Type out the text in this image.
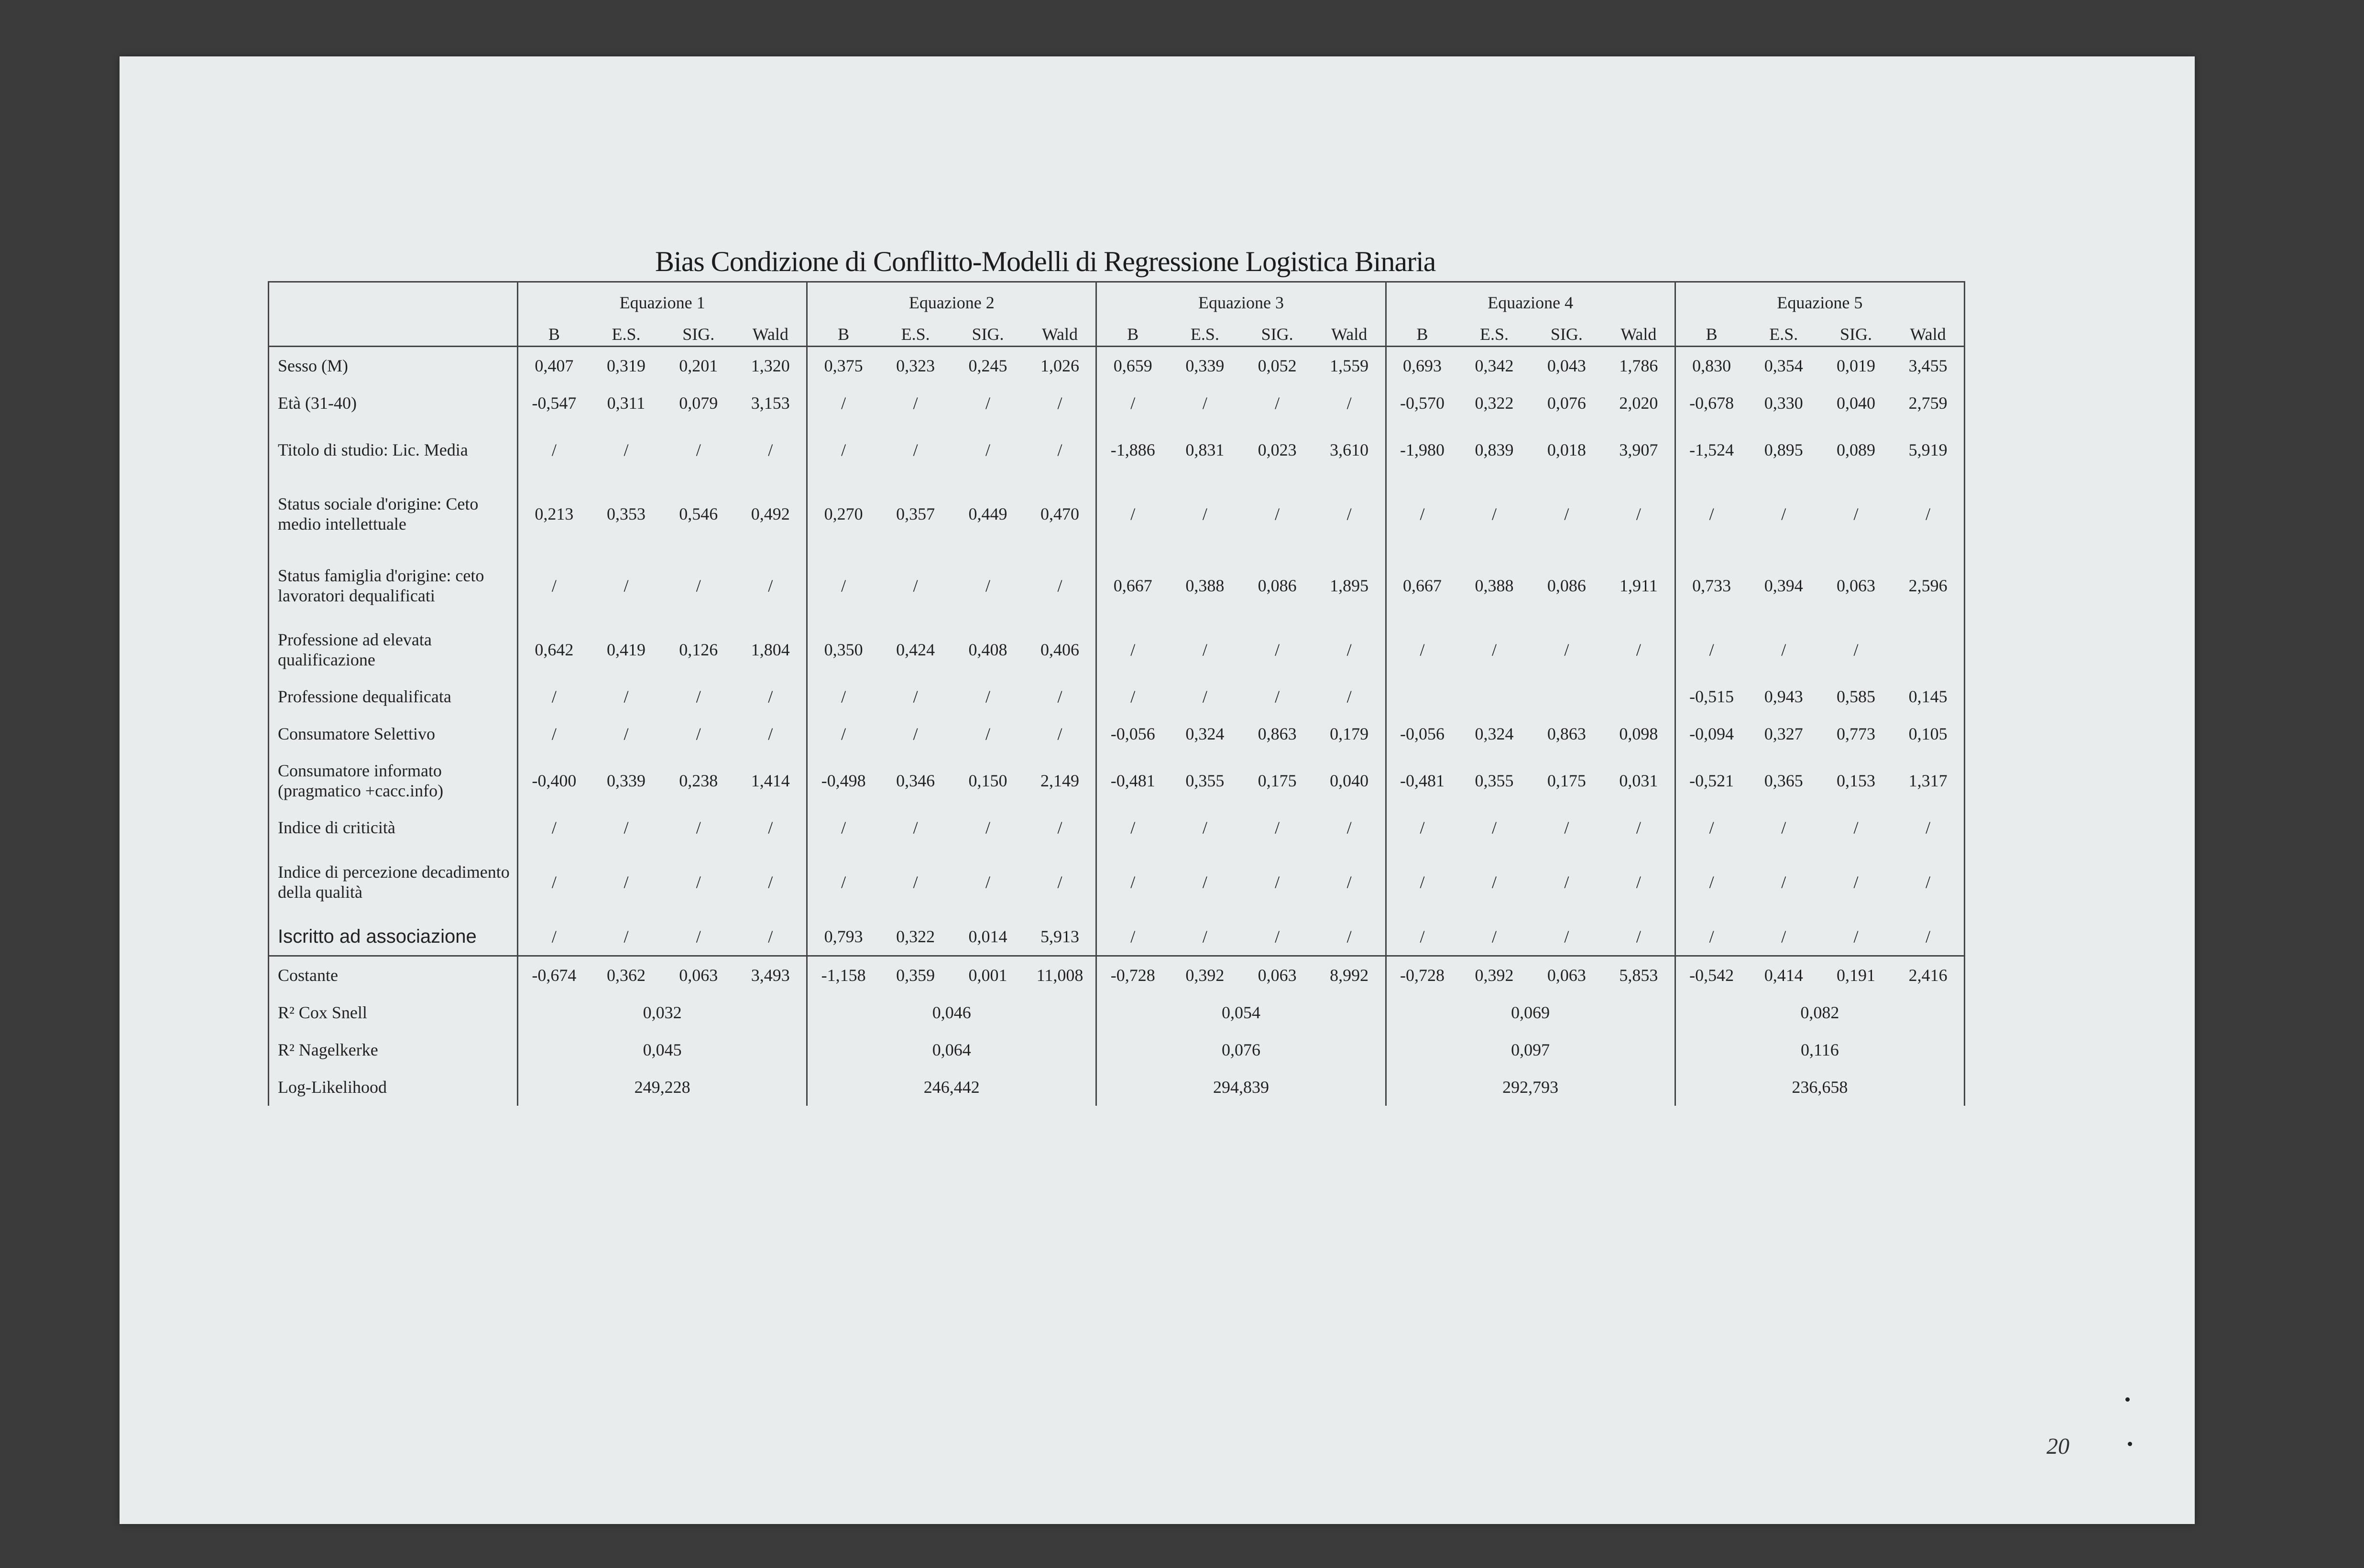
Bias Condizione di Conflitto-Modelli di Regressione Logistica Binaria
	Equazione 1				Equazione 2				Equazione 3				Equazione 4				Equazione 5			
	B	E.S.	SIG.	Wald	B	E.S.	SIG.	Wald	B	E.S.	SIG.	Wald	B	E.S.	SIG.	Wald	B	E.S.	SIG.	Wald
Sesso (M)	0,407	0,319	0,201	1,320	0,375	0,323	0,245	1,026	0,659	0,339	0,052	1,559	0,693	0,342	0,043	1,786	0,830	0,354	0,019	3,455
Età (31-40)	-0,547	0,311	0,079	3,153	/	/	/	/	/	/	/	/	-0,570	0,322	0,076	2,020	-0,678	0,330	0,040	2,759
Titolo di studio: Lic. Media	/	/	/	/	/	/	/	/	-1,886	0,831	0,023	3,610	-1,980	0,839	0,018	3,907	-1,524	0,895	0,089	5,919
Status sociale d'origine: Ceto medio intellettuale	0,213	0,353	0,546	0,492	0,270	0,357	0,449	0,470	/	/	/	/	/	/	/	/	/	/	/	/
Status famiglia d'origine: ceto lavoratori dequalificati	/	/	/	/	/	/	/	/	0,667	0,388	0,086	1,895	0,667	0,388	0,086	1,911	0,733	0,394	0,063	2,596
Professione ad elevata qualificazione	0,642	0,419	0,126	1,804	0,350	0,424	0,408	0,406	/	/	/	/	/	/	/	/	/	/	/	
Professione dequalificata	/	/	/	/	/	/	/	/	/	/	/	/					-0,515	0,943	0,585	0,145
Consumatore Selettivo	/	/	/	/	/	/	/	/	-0,056	0,324	0,863	0,179	-0,056	0,324	0,863	0,098	-0,094	0,327	0,773	0,105
Consumatore informato (pragmatico +cacc.info)	-0,400	0,339	0,238	1,414	-0,498	0,346	0,150	2,149	-0,481	0,355	0,175	0,040	-0,481	0,355	0,175	0,031	-0,521	0,365	0,153	1,317
Indice di criticità	/	/	/	/	/	/	/	/	/	/	/	/	/	/	/	/	/	/	/	/
Indice di percezione decadimento della qualità	/	/	/	/	/	/	/	/	/	/	/	/	/	/	/	/	/	/	/	/
Iscritto ad associazione	/	/	/	/	0,793	0,322	0,014	5,913	/	/	/	/	/	/	/	/	/	/	/	/
Costante	-0,674	0,362	0,063	3,493	-1,158	0,359	0,001	11,008	-0,728	0,392	0,063	8,992	-0,728	0,392	0,063	5,853	-0,542	0,414	0,191	2,416
R² Cox Snell	0,032				0,046				0,054				0,069				0,082			
R² Nagelkerke	0,045				0,064				0,076				0,097				0,116			
Log-Likelihood	249,228				246,442				294,839				292,793				236,658			
20
